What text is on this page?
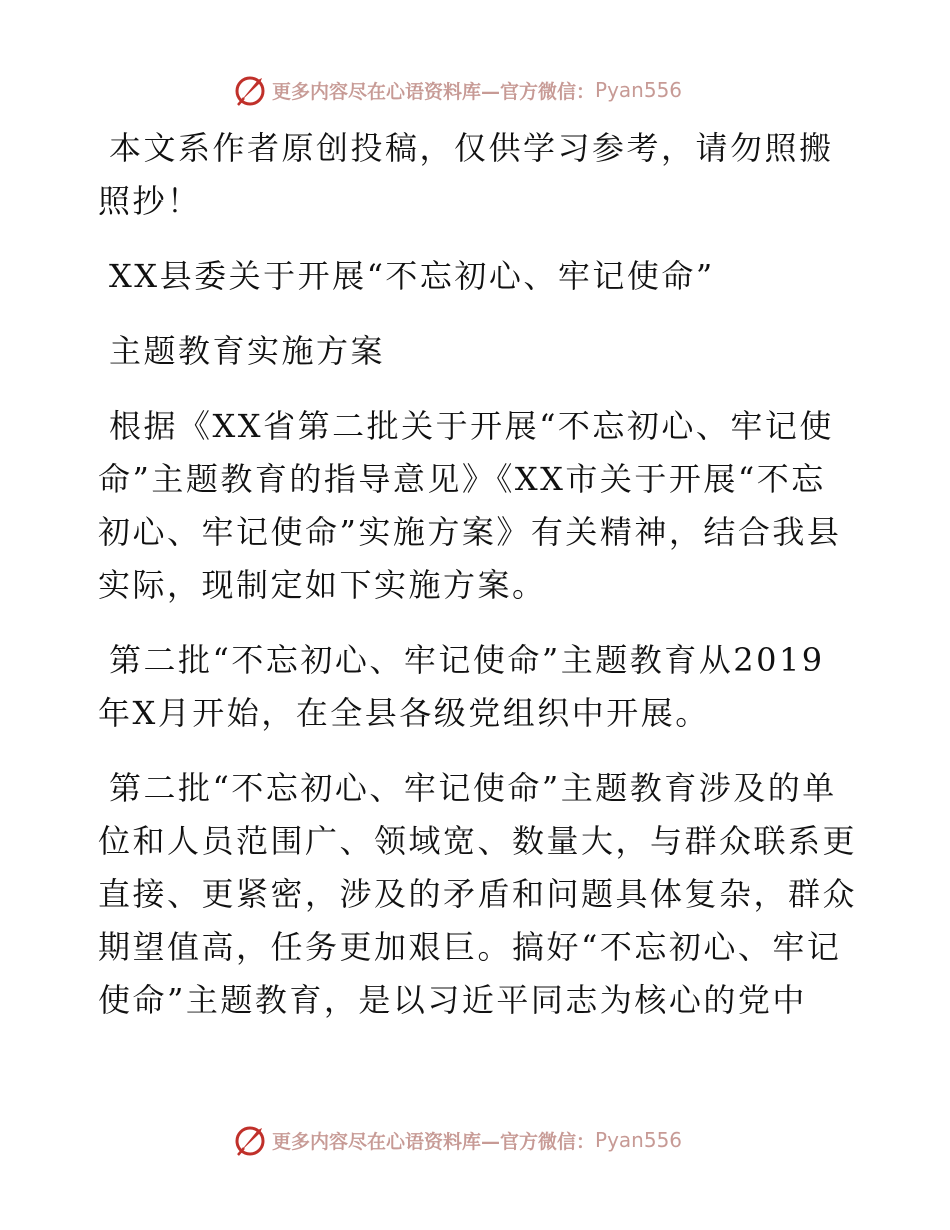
更多内容尽在心语资料库—官方微信： Pyan556

本文系作者原创投稿，仅供学习参考，请勿照搬照抄！

XX县委关于开展“不忘初心、牢记使命”

主题教育实施方案

根据《XX省第二批关于开展“不忘初心、牢记使命”主题教育的指导意见》《XX市关于开展“不忘初心、牢记使命”实施方案》有关精神，结合我县实际，现制定如下实施方案。

第二批“不忘初心、牢记使命”主题教育从2019年X月开始，在全县各级党组织中开展。

第二批“不忘初心、牢记使命”主题教育涉及的单位和人员范围广、领域宽、数量大，与群众联系更直接、更紧密，涉及的矛盾和问题具体复杂，群众期望值高，任务更加艰巨。搞好“不忘初心、牢记使命”主题教育，是以习近平同志为核心的党中

更多内容尽在心语资料库—官方微信： Pyan556
